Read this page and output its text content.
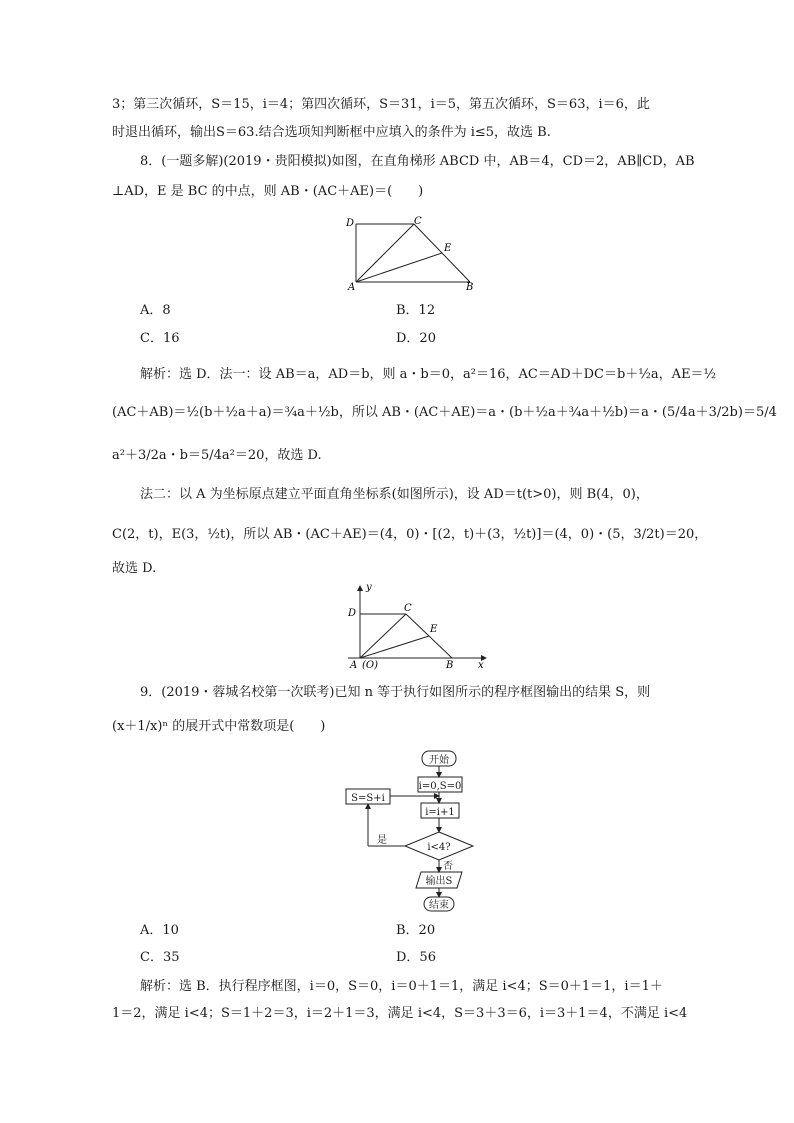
3；第三次循环，S＝15，i＝4；第四次循环，S＝31，i＝5，第五次循环，S＝63，i＝6，此
时退出循环，输出S＝63.结合选项知判断框中应填入的条件为 i≤5，故选 B.
8．(一题多解)(2019・贵阳模拟)如图，在直角梯形 ABCD 中，AB＝4，CD＝2，AB∥CD，AB
⊥AD，E 是 BC 的中点，则 AB・(AC＋AE)＝(　　)
D	C
E
A	B
A．8	B．12
C．16	D．20
解析：选 D．法一：设 AB＝a，AD＝b，则 a・b＝0，a²＝16，AC＝AD＋DC＝b＋½a，AE＝½
(AC＋AB)＝½(b＋½a＋a)＝¾a＋½b，所以 AB・(AC＋AE)＝a・(b＋½a＋¾a＋½b)＝a・(5/4a＋3/2b)＝5/4
a²＋3/2a・b＝5/4a²＝20，故选 D.
法二：以 A 为坐标原点建立平面直角坐标系(如图所示)，设 AD＝t(t>0)，则 B(4，0)，
C(2，t)，E(3，½t)，所以 AB・(AC＋AE)＝(4，0)・[(2，t)＋(3，½t)]＝(4，0)・(5，3/2t)＝20，
故选 D.
y
D	C
E
A (O)	B x
9．(2019・蓉城名校第一次联考)已知 n 等于执行如图所示的程序框图输出的结果 S，则
(x＋1/x)ⁿ 的展开式中常数项是(　　)
开始
i=0,S=0
i=i+1
i<4?
S=S+i
是
否
输出S
结束
A．10	B．20
C．35	D．56
解析：选 B．执行程序框图，i＝0，S＝0，i＝0＋1＝1，满足 i<4；S＝0＋1＝1，i＝1＋
1＝2，满足 i<4；S＝1＋2＝3，i＝2＋1＝3，满足 i<4，S＝3＋3＝6，i＝3＋1＝4，不满足 i<4
